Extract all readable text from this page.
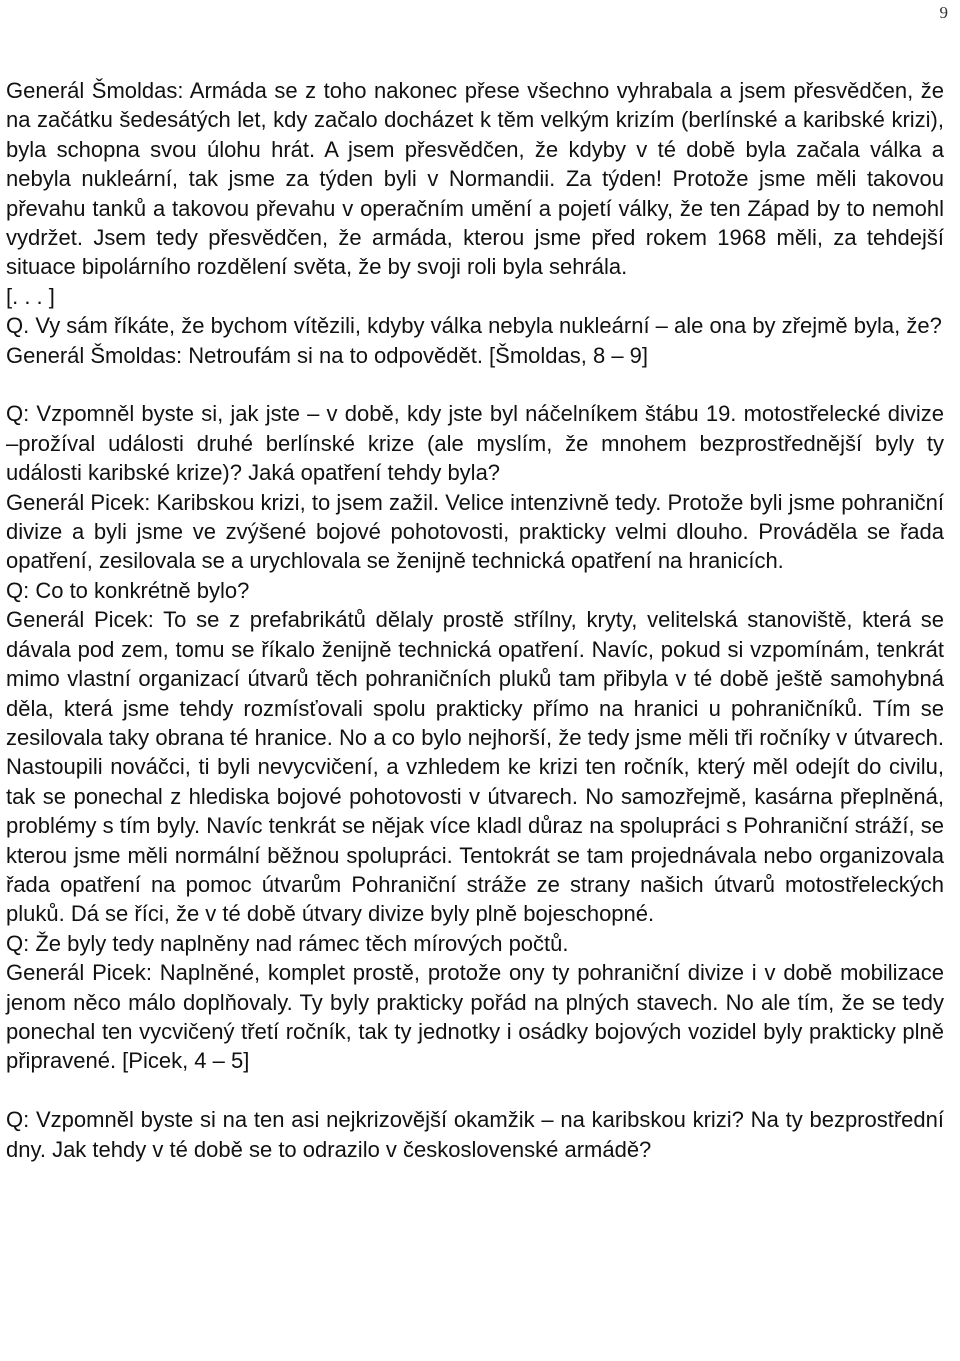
9

Generál Šmoldas: Armáda se z toho nakonec přese všechno vyhrabala a jsem přesvědčen, že na začátku šedesátých let, kdy začalo docházet k těm velkým krizím (berlínské a karibské krizi), byla schopna svou úlohu hrát. A jsem přesvědčen, že kdyby v té době byla začala válka a nebyla nukleární, tak jsme za týden byli v Normandii. Za týden! Protože jsme měli takovou převahu tanků a takovou převahu v operačním umění a pojetí války, že ten Západ by to nemohl vydržet. Jsem tedy přesvědčen, že armáda, kterou jsme před rokem 1968 měli, za tehdejší situace bipolárního rozdělení světa, že by svoji roli byla sehrála.

[. . . ]

Q. Vy sám říkáte, že bychom vítězili, kdyby válka nebyla nukleární – ale ona by zřejmě byla, že?

Generál Šmoldas: Netroufám si na to odpovědět. [Šmoldas, 8 – 9]

Q: Vzpomněl byste si, jak jste – v době, kdy jste byl náčelníkem štábu 19. motostřelecké divize –prožíval události druhé berlínské krize (ale myslím, že mnohem bezprostřednější byly ty události karibské krize)? Jaká opatření tehdy byla?

Generál Picek: Karibskou krizi, to jsem zažil. Velice intenzivně tedy. Protože byli jsme pohraniční divize a byli jsme ve zvýšené bojové pohotovosti, prakticky velmi dlouho. Prováděla se řada opatření, zesilovala se a urychlovala se ženijně technická opatření na hranicích.

Q: Co to konkrétně bylo?

Generál Picek: To se z prefabrikátů dělaly prostě střílny, kryty, velitelská stanoviště, která se dávala pod zem, tomu se říkalo ženijně technická opatření. Navíc, pokud si vzpomínám, tenkrát mimo vlastní organizací útvarů těch pohraničních pluků tam přibyla v té době ještě samohybná děla, která jsme tehdy rozmísťovali spolu prakticky přímo na hranici u pohraničníků. Tím se zesilovala taky obrana té hranice. No a co bylo nejhorší, že tedy jsme měli tři ročníky v útvarech. Nastoupili nováčci, ti byli nevycvičení, a vzhledem ke krizi ten ročník, který měl odejít do civilu, tak se ponechal z hlediska bojové pohotovosti v útvarech. No samozřejmě, kasárna přeplněná, problémy s tím byly. Navíc tenkrát se nějak více kladl důraz na spolupráci s Pohraniční stráží, se kterou jsme měli normální běžnou spolupráci. Tentokrát se tam projednávala nebo organizovala řada opatření na pomoc útvarům Pohraniční stráže ze strany našich útvarů motostřeleckých pluků. Dá se říci, že v té době útvary divize byly plně bojeschopné.

Q: Že byly tedy naplněny nad rámec těch mírových počtů.

Generál Picek: Naplněné, komplet prostě, protože ony ty pohraniční divize i v době mobilizace jenom něco málo doplňovaly. Ty byly prakticky pořád na plných stavech. No ale tím, že se tedy ponechal ten vycvičený třetí ročník, tak ty jednotky i osádky bojových vozidel byly prakticky plně připravené. [Picek, 4 – 5]

Q: Vzpomněl byste si na ten asi nejkrizovější okamžik – na karibskou krizi? Na ty bezprostřední dny. Jak tehdy v té době se to odrazilo v československé armádě?
